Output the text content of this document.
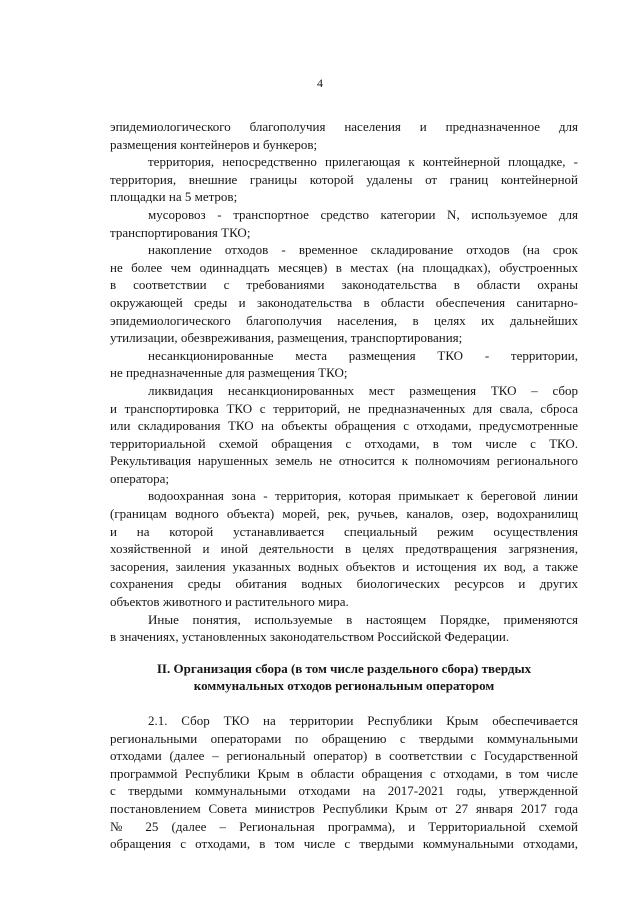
4
эпидемиологического благополучия населения и предназначенное для
размещения контейнеров и бункеров;
территория, непосредственно прилегающая к контейнерной площадке, -
территория, внешние границы которой удалены от границ контейнерной
площадки на 5 метров;
мусоровоз - транспортное средство категории N, используемое для
транспортирования ТКО;
накопление отходов - временное складирование отходов (на срок
не более чем одиннадцать месяцев) в местах (на площадках), обустроенных
в соответствии с требованиями законодательства в области охраны
окружающей среды и законодательства в области обеспечения санитарно-
эпидемиологического благополучия населения, в целях их дальнейших
утилизации, обезвреживания, размещения, транспортирования;
несанкционированные места размещения ТКО - территории,
не предназначенные для размещения ТКО;
ликвидация несанкционированных мест размещения ТКО – сбор
и транспортировка ТКО с территорий, не предназначенных для свала, сброса
или складирования ТКО на объекты обращения с отходами, предусмотренные
территориальной схемой обращения с отходами, в том числе с ТКО.
Рекультивация нарушенных земель не относится к полномочиям регионального
оператора;
водоохранная зона - территория, которая примыкает к береговой линии
(границам водного объекта) морей, рек, ручьев, каналов, озер, водохранилищ
и на которой устанавливается специальный режим осуществления
хозяйственной и иной деятельности в целях предотвращения загрязнения,
засорения, заиления указанных водных объектов и истощения их вод, а также
сохранения среды обитания водных биологических ресурсов и других
объектов животного и растительного мира.
Иные понятия, используемые в настоящем Порядке, применяются
в значениях, установленных законодательством Российской Федерации.
II. Организация сбора (в том числе раздельного сбора) твердых
коммунальных отходов региональным оператором
2.1. Сбор ТКО на территории Республики Крым обеспечивается
региональными операторами по обращению с твердыми коммунальными
отходами (далее – региональный оператор) в соответствии с Государственной
программой Республики Крым в области обращения с отходами, в том числе
с твердыми коммунальными отходами на 2017-2021 годы, утвержденной
постановлением Совета министров Республики Крым от 27 января 2017 года
№ 25 (далее – Региональная программа), и Территориальной схемой
обращения с отходами, в том числе с твердыми коммунальными отходами,
